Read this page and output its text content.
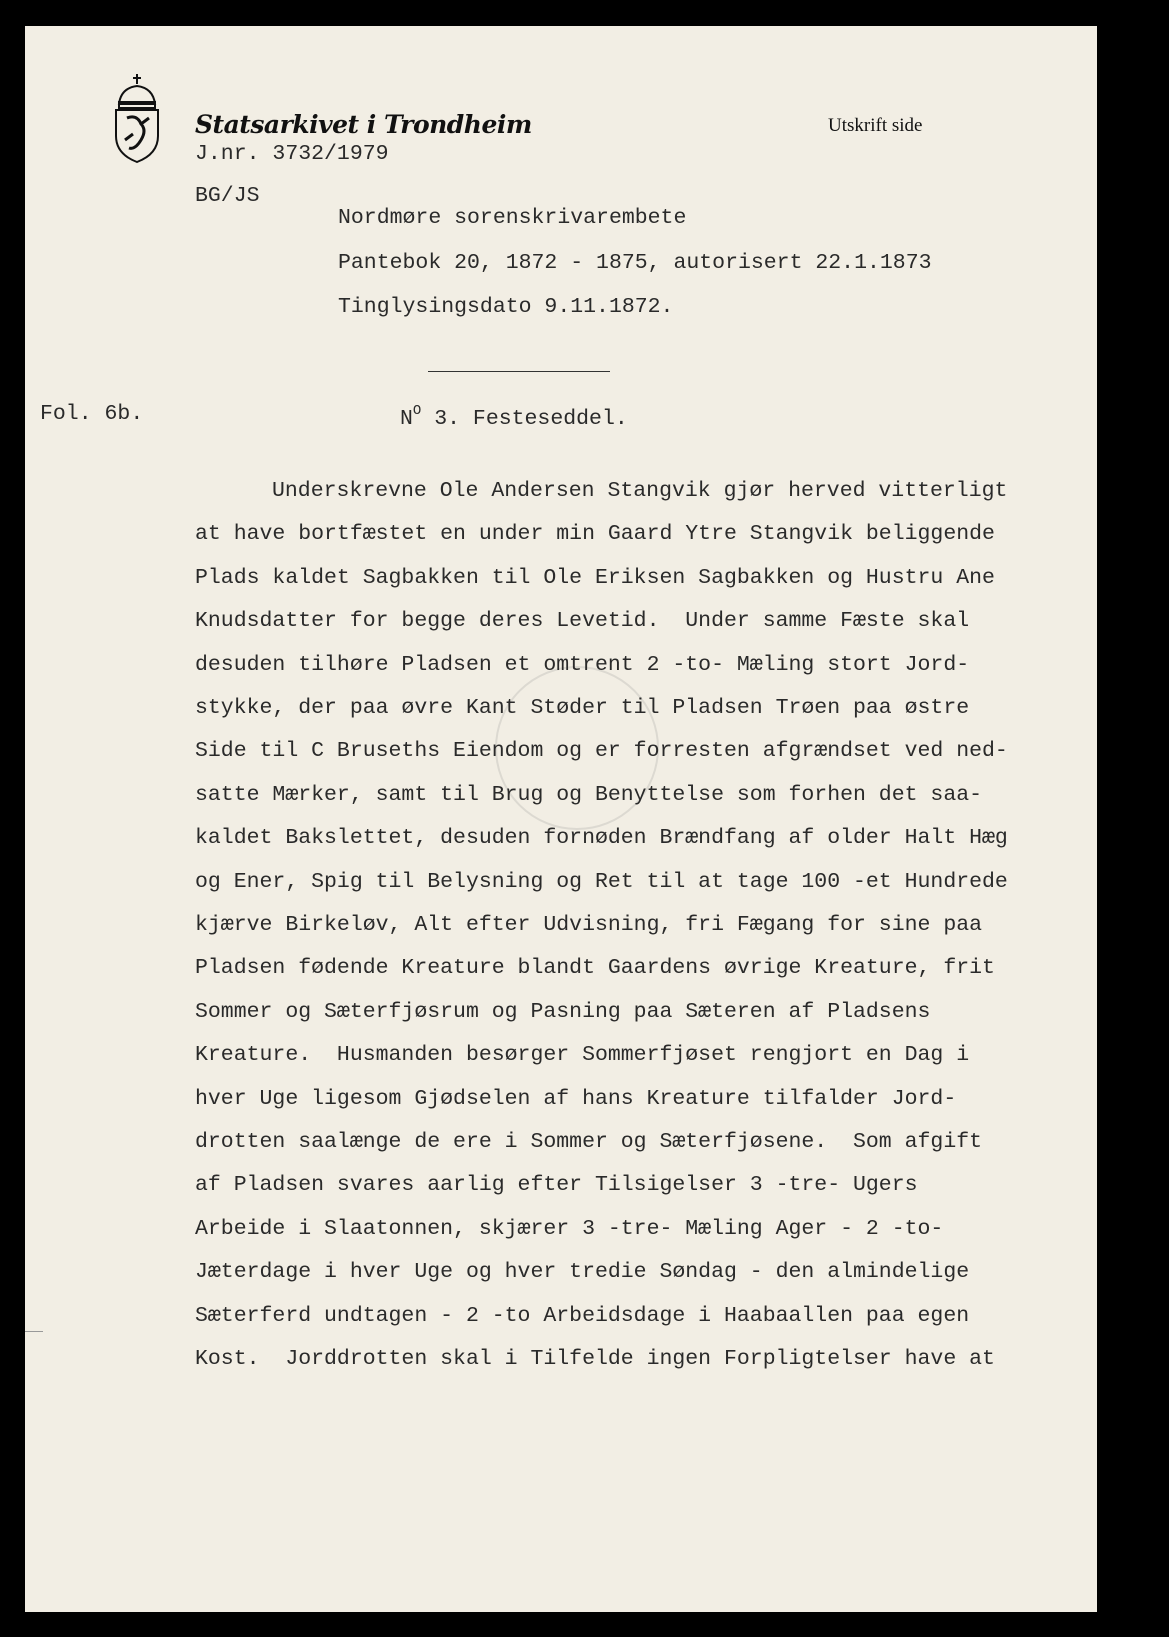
Statsarkivet i Trondheim	Utskrift side
J.nr. 3732/1979
BG/JS
Nordmøre sorenskrivarembete
Pantebok 20, 1872 - 1875, autorisert 22.1.1873
Tinglysingsdato 9.11.1872.
Fol. 6b.	$N^O$ 3. Festeseddel.
Underskrevne Ole Andersen Stangvik gjør herved vitterligt
at have bortfæstet en under min Gaard Ytre Stangvik beliggende
Plads kaldet Sagbakken til Ole Eriksen Sagbakken og Hustru Ane
Knudsdatter for begge deres Levetid.  Under samme Fæste skal
desuden tilhøre Pladsen et omtrent 2 -to- Mæling stort Jord-
stykke, der paa øvre Kant Støder til Pladsen Trøen paa østre
Side til C Bruseths Eiendom og er forresten afgrændset ved ned-
satte Mærker, samt til Brug og Benyttelse som forhen det saa-
kaldet Bakslettet, desuden fornøden Brændfang af older Halt Hæg
og Ener, Spig til Belysning og Ret til at tage 100 -et Hundrede
kjærve Birkeløv, Alt efter Udvisning, fri Fægang for sine paa
Pladsen fødende Kreature blandt Gaardens øvrige Kreature, frit
Sommer og Sæterfjøsrum og Pasning paa Sæteren af Pladsens
Kreature.  Husmanden besørger Sommerfjøset rengjort en Dag i
hver Uge ligesom Gjødselen af hans Kreature tilfalder Jord-
drotten saalænge de ere i Sommer og Sæterfjøsene.  Som afgift
af Pladsen svares aarlig efter Tilsigelser 3 -tre- Ugers
Arbeide i Slaatonnen, skjærer 3 -tre- Mæling Ager - 2 -to-
Jæterdage i hver Uge og hver tredie Søndag - den almindelige
Sæterferd undtagen - 2 -to Arbeidsdage i Haabaallen paa egen
Kost.  Jorddrotten skal i Tilfelde ingen Forpligtelser have at
